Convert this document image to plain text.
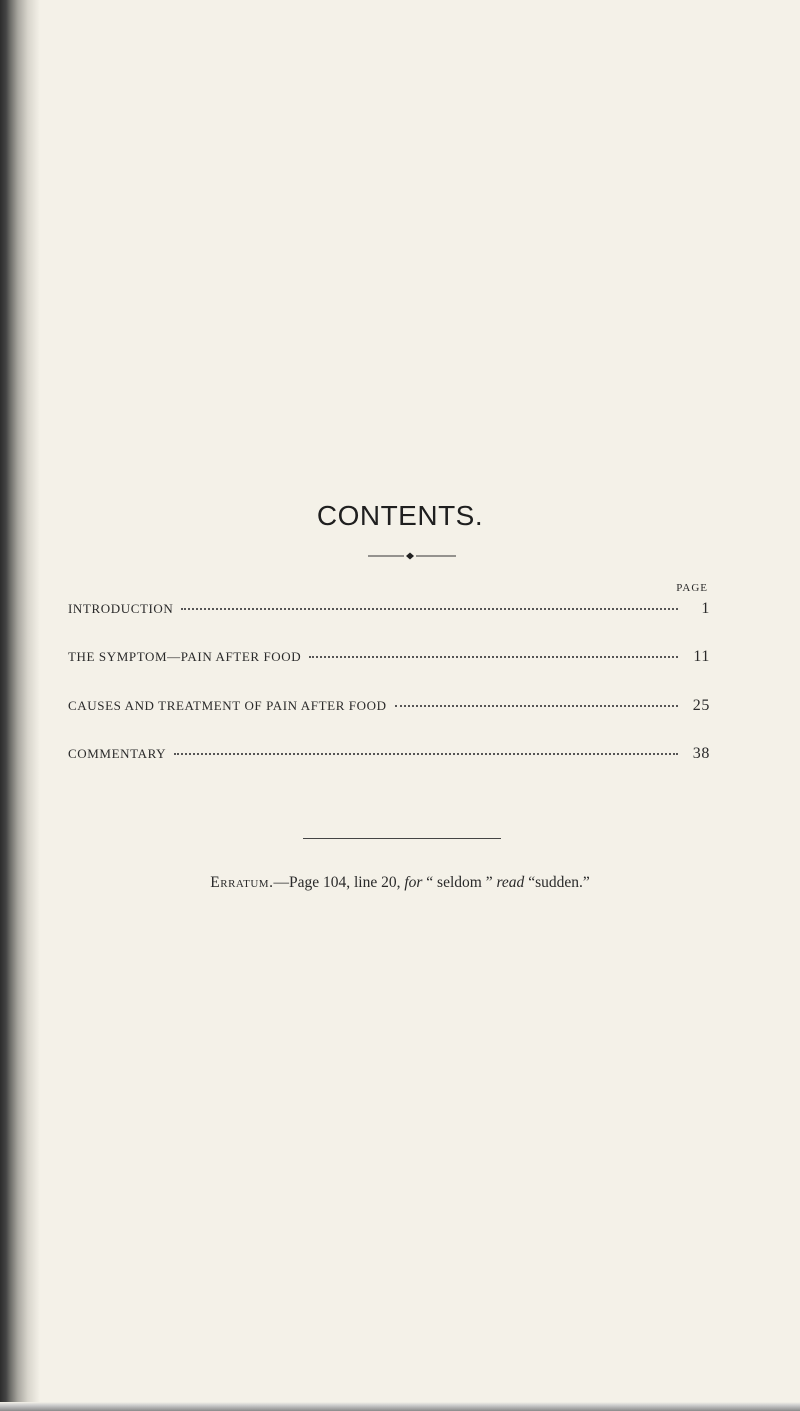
CONTENTS.
PAGE
INTRODUCTION	1
THE SYMPTOM—PAIN AFTER FOOD	11
CAUSES AND TREATMENT OF PAIN AFTER FOOD	25
COMMENTARY	38
Erratum.—Page 104, line 20, for “ seldom ” read “sudden.”
